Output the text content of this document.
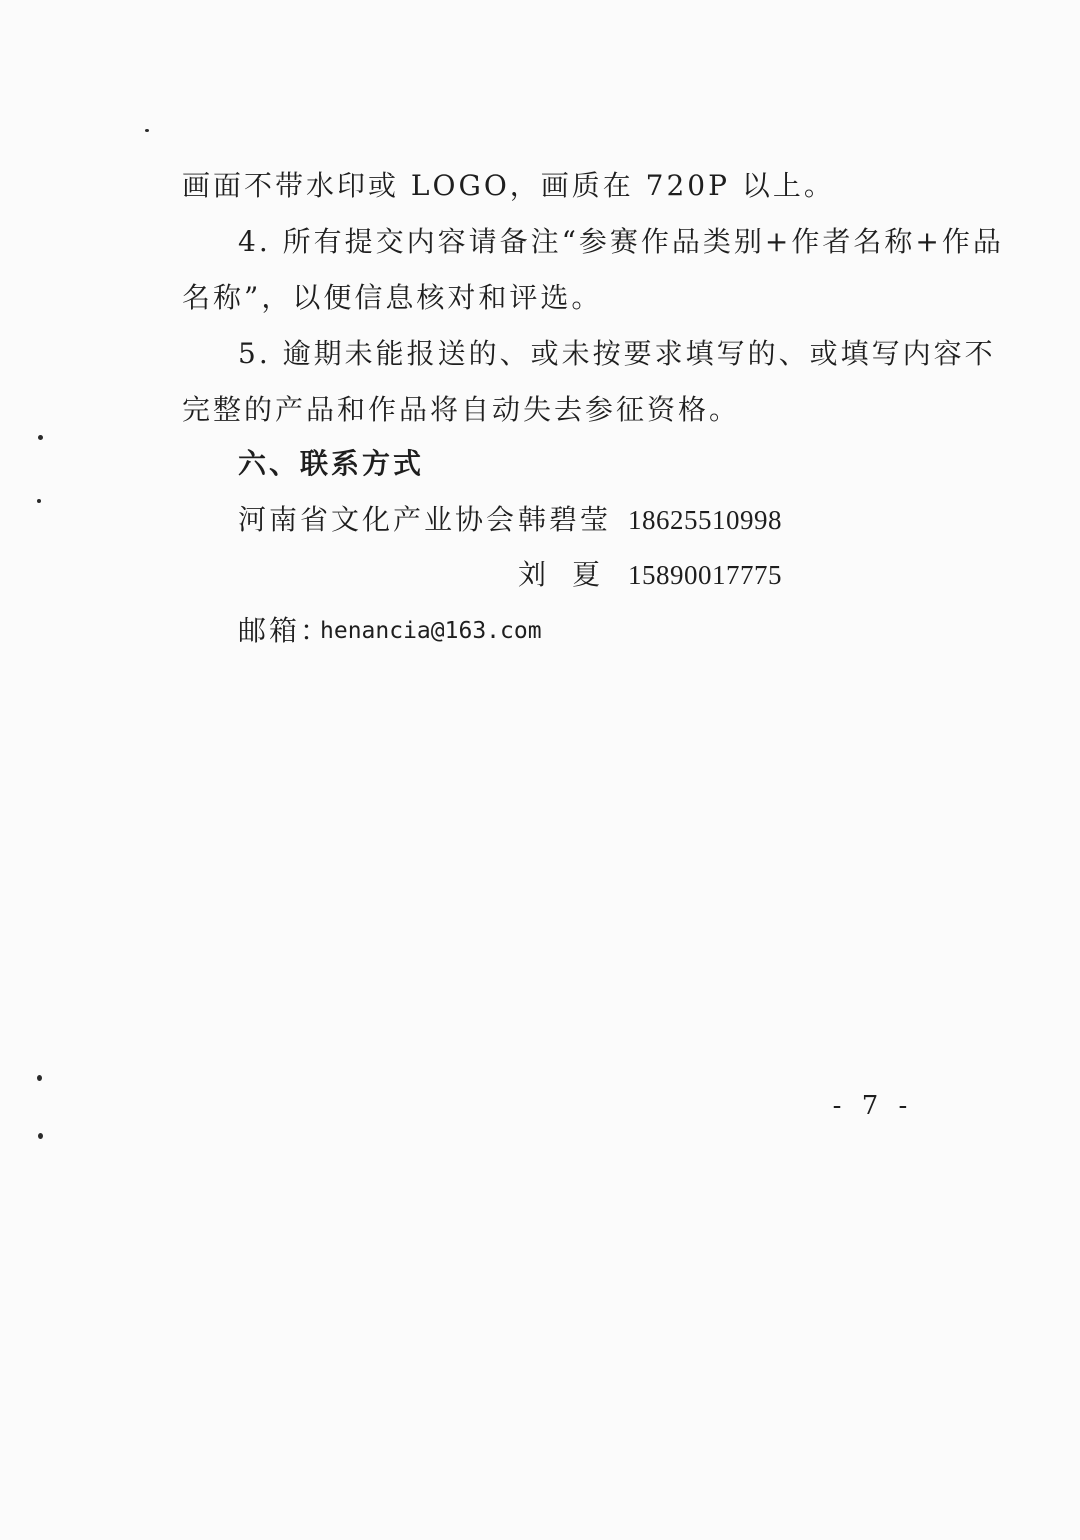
画面不带水印或 LOGO，画质在 720P 以上。
4. 所有提交内容请备注“参赛作品类别+作者名称+作品
名称”，以便信息核对和评选。
5. 逾期未能报送的、或未按要求填写的、或填写内容不
完整的产品和作品将自动失去参征资格。
六、联系方式
河南省文化产业协会 韩碧莹 18625510998
刘夏 15890017775
邮箱：
henancia@163.com
- 7 -
